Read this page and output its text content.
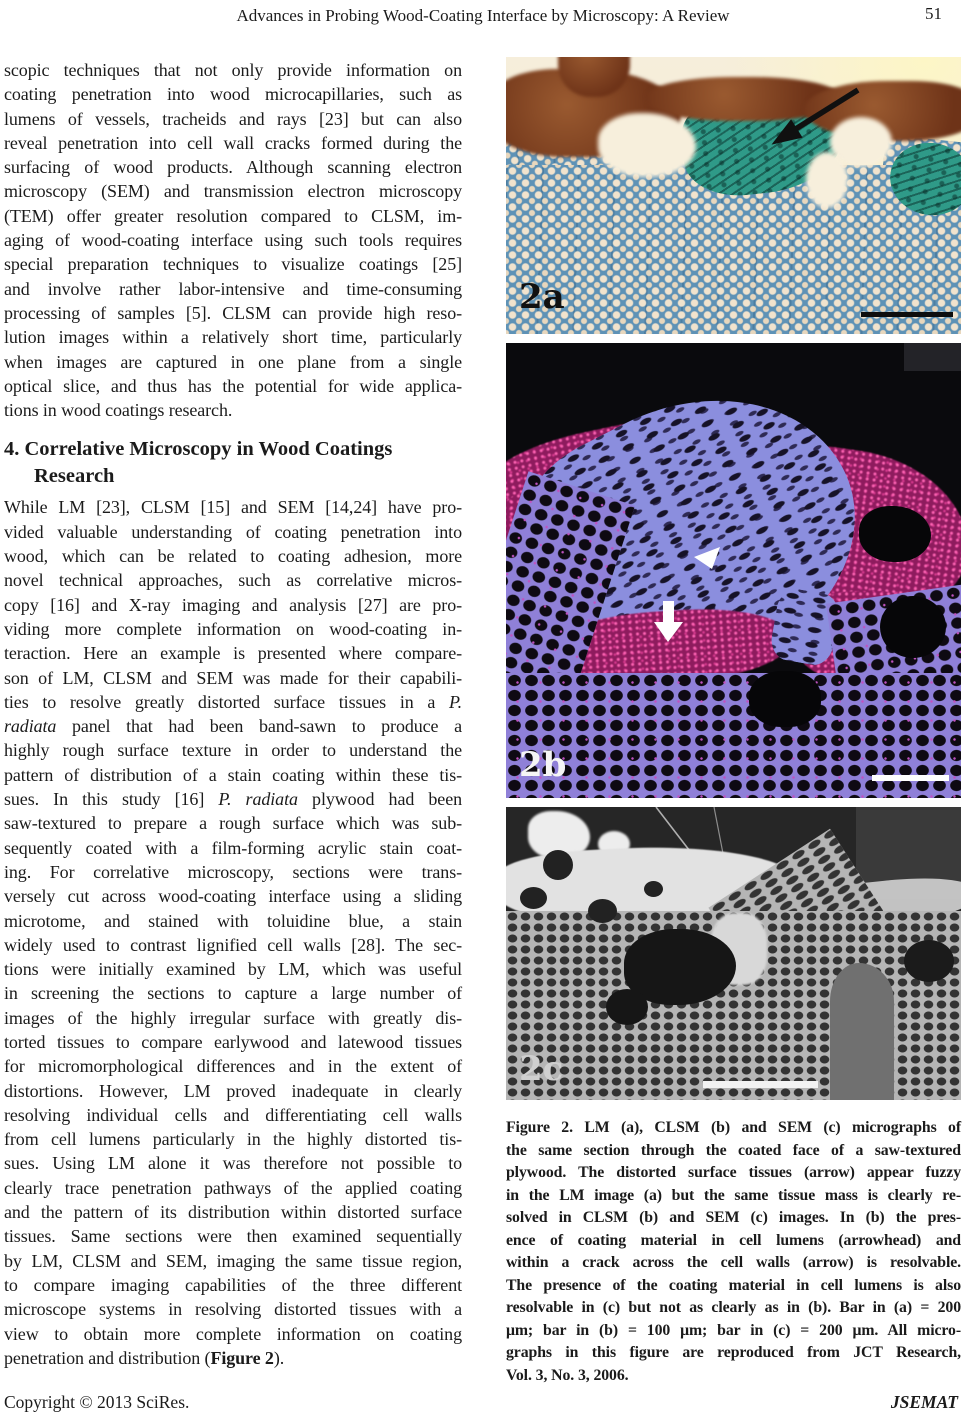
Advances in Probing Wood-Coating Interface by Microscopy: A Review	51
scopic techniques that not only provide information on
coating penetration into wood microcapillaries, such as
lumens of vessels, tracheids and rays [23] but can also
reveal penetration into cell wall cracks formed during the
surfacing of wood products. Although scanning electron
microscopy (SEM) and transmission electron microscopy
(TEM) offer greater resolution compared to CLSM, im-
aging of wood-coating interface using such tools requires
special preparation techniques to visualize coatings [25]
and involve rather labor-intensive and time-consuming
processing of samples [5]. CLSM can provide high reso-
lution images within a relatively short time, particularly
when images are captured in one plane from a single
optical slice, and thus has the potential for wide applica-
tions in wood coatings research.
4. Correlative Microscopy in Wood Coatings
Research
While LM [23], CLSM [15] and SEM [14,24] have pro-
vided valuable understanding of coating penetration into
wood, which can be related to coating adhesion, more
novel technical approaches, such as correlative micros-
copy [16] and X-ray imaging and analysis [27] are pro-
viding more complete information on wood-coating in-
teraction. Here an example is presented where compare-
son of LM, CLSM and SEM was made for their capabili-
ties to resolve greatly distorted surface tissues in a P.
radiata panel that had been band-sawn to produce a
highly rough surface texture in order to understand the
pattern of distribution of a stain coating within these tis-
sues. In this study [16] P. radiata plywood had been
saw-textured to prepare a rough surface which was sub-
sequently coated with a film-forming acrylic stain coat-
ing. For correlative microscopy, sections were trans-
versely cut across wood-coating interface using a sliding
microtome, and stained with toluidine blue, a stain
widely used to contrast lignified cell walls [28]. The sec-
tions were initially examined by LM, which was useful
in screening the sections to capture a large number of
images of the highly irregular surface with greatly dis-
torted tissues to compare earlywood and latewood tissues
for micromorphological differences and in the extent of
distortions. However, LM proved inadequate in clearly
resolving individual cells and differentiating cell walls
from cell lumens particularly in the highly distorted tis-
sues. Using LM alone it was therefore not possible to
clearly trace penetration pathways of the applied coating
and the pattern of its distribution within distorted surface
tissues. Same sections were then examined sequentially
by LM, CLSM and SEM, imaging the same tissue region,
to compare imaging capabilities of the three different
microscope systems in resolving distorted tissues with a
view to obtain more complete information on coating
penetration and distribution (Figure 2).
2a
2b
2c
Figure 2. LM (a), CLSM (b) and SEM (c) micrographs of
the same section through the coated face of a saw-textured
plywood. The distorted surface tissues (arrow) appear fuzzy
in the LM image (a) but the same tissue mass is clearly re-
solved in CLSM (b) and SEM (c) images. In (b) the pres-
ence of coating material in cell lumens (arrowhead) and
within a crack across the cell walls (arrow) is resolvable.
The presence of the coating material in cell lumens is also
resolvable in (c) but not as clearly as in (b). Bar in (a) = 200
μm; bar in (b) = 100 μm; bar in (c) = 200 μm. All micro-
graphs in this figure are reproduced from JCT Research,
Vol. 3, No. 3, 2006.
Copyright © 2013 SciRes.	JSEMAT
